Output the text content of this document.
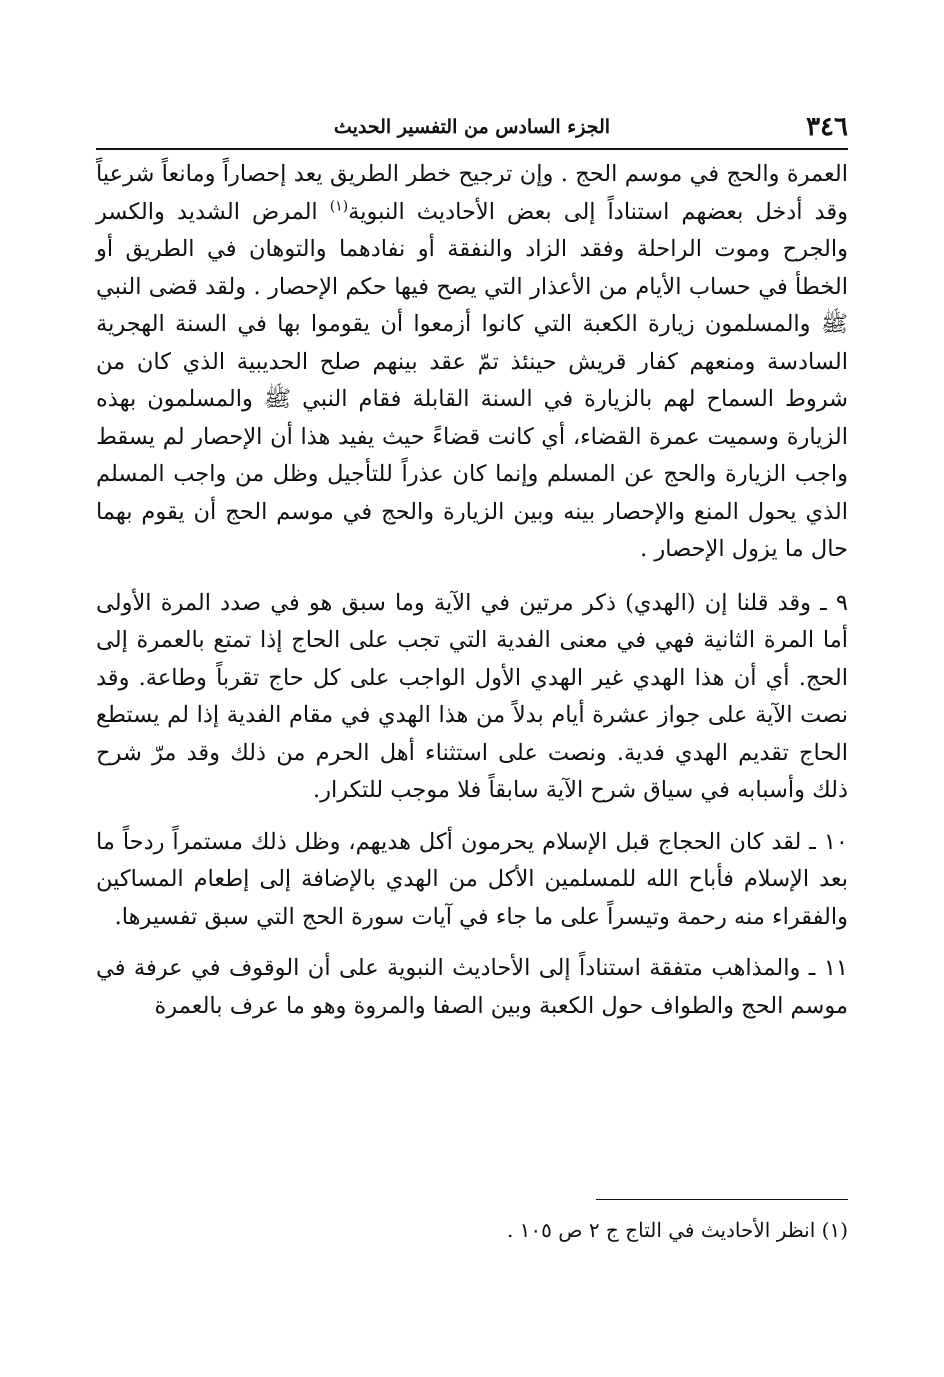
٣٤٦
الجزء السادس من التفسير الحديث

العمرة والحج في موسم الحج . وإن ترجيح خطر الطريق يعد إحصاراً ومانعاً شرعياً وقد أدخل بعضهم استناداً إلى بعض الأحاديث النبوية$^{(١)}$ المرض الشديد والكسر والجرح وموت الراحلة وفقد الزاد والنفقة أو نفادهما والتوهان في الطريق أو الخطأ في حساب الأيام من الأعذار التي يصح فيها حكم الإحصار . ولقد قضى النبي ﷺ والمسلمون زيارة الكعبة التي كانوا أزمعوا أن يقوموا بها في السنة الهجرية السادسة ومنعهم كفار قريش حينئذ تمّ عقد بينهم صلح الحديبية الذي كان من شروط السماح لهم بالزيارة في السنة القابلة فقام النبي ﷺ والمسلمون بهذه الزيارة وسميت عمرة القضاء، أي كانت قضاءً حيث يفيد هذا أن الإحصار لم يسقط واجب الزيارة والحج عن المسلم وإنما كان عذراً للتأجيل وظل من واجب المسلم الذي يحول المنع والإحصار بينه وبين الزيارة والحج في موسم الحج أن يقوم بهما حال ما يزول الإحصار .

٩ ـ وقد قلنا إن (الهدي) ذكر مرتين في الآية وما سبق هو في صدد المرة الأولى أما المرة الثانية فهي في معنى الفدية التي تجب على الحاج إذا تمتع بالعمرة إلى الحج. أي أن هذا الهدي غير الهدي الأول الواجب على كل حاج تقرباً وطاعة. وقد نصت الآية على جواز عشرة أيام بدلاً من هذا الهدي في مقام الفدية إذا لم يستطع الحاج تقديم الهدي فدية. ونصت على استثناء أهل الحرم من ذلك وقد مرّ شرح ذلك وأسبابه في سياق شرح الآية سابقاً فلا موجب للتكرار.

١٠ ـ لقد كان الحجاج قبل الإسلام يحرمون أكل هديهم، وظل ذلك مستمراً ردحاً ما بعد الإسلام فأباح الله للمسلمين الأكل من الهدي بالإضافة إلى إطعام المساكين والفقراء منه رحمة وتيسراً على ما جاء في آيات سورة الحج التي سبق تفسيرها.

١١ ـ والمذاهب متفقة استناداً إلى الأحاديث النبوية على أن الوقوف في عرفة في موسم الحج والطواف حول الكعبة وبين الصفا والمروة وهو ما عرف بالعمرة

(١) انظر الأحاديث في التاج ج ٢ ص ١٠٥ .
